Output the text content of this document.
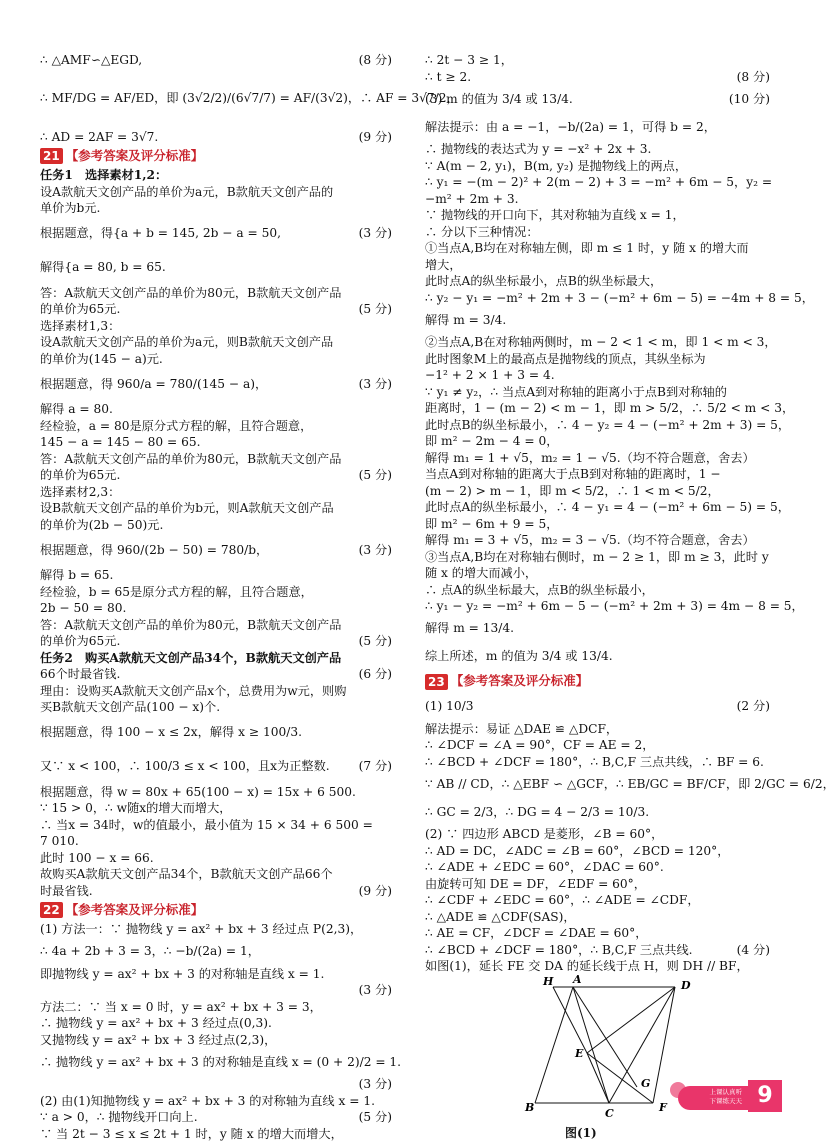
∴ △AMF∽△EGD,	(8 分)
∴ MF/DG = AF/ED，即 (3√2/2)/(6√7/7) = AF/(3√2)，∴ AF = 3√7/2，
∴ AD = 2AF = 3√7.	(9 分)
21 【参考答案及评分标准】
任务1　选择素材1,2：
设A款航天文创产品的单价为a元，B款航天文创产品的
单价为b元.
根据题意，得{a + b = 145, 2b − a = 50,	(3 分)
解得{a = 80, b = 65.
答：A款航天文创产品的单价为80元，B款航天文创产品
的单价为65元.	(5 分)
选择素材1,3：
设A款航天文创产品的单价为a元，则B款航天文创产品
的单价为(145 − a)元.
根据题意，得 960/a = 780/(145 − a)，	(3 分)
解得 a = 80.
经检验，a = 80是原分式方程的解，且符合题意，
145 − a = 145 − 80 = 65.
答：A款航天文创产品的单价为80元，B款航天文创产品
的单价为65元.	(5 分)
选择素材2,3：
设B款航天文创产品的单价为b元，则A款航天文创产品
的单价为(2b − 50)元.
根据题意，得 960/(2b − 50) = 780/b，	(3 分)
解得 b = 65.
经检验，b = 65是原分式方程的解，且符合题意，
2b − 50 = 80.
答：A款航天文创产品的单价为80元，B款航天文创产品
的单价为65元.	(5 分)
任务2　购买A款航天文创产品34个，B款航天文创产品
66个时最省钱.	(6 分)
理由：设购买A款航天文创产品x个，总费用为w元，则购
买B款航天文创产品(100 − x)个.
根据题意，得 100 − x ≤ 2x，解得 x ≥ 100/3.
又∵ x < 100，∴ 100/3 ≤ x < 100，且x为正整数.	(7 分)
根据题意，得 w = 80x + 65(100 − x) = 15x + 6 500.
∵ 15 > 0，∴ w随x的增大而增大，
∴ 当x = 34时，w的值最小，最小值为 15 × 34 + 6 500 =
7 010.
此时 100 − x = 66.
故购买A款航天文创产品34个，B款航天文创产品66个
时最省钱.	(9 分)
22 【参考答案及评分标准】
(1) 方法一：∵ 抛物线 y = ax² + bx + 3 经过点 P(2,3)，
∴ 4a + 2b + 3 = 3，∴ −b/(2a) = 1，
即抛物线 y = ax² + bx + 3 的对称轴是直线 x = 1.
(3 分)
方法二：∵ 当 x = 0 时，y = ax² + bx + 3 = 3，
∴ 抛物线 y = ax² + bx + 3 经过点(0,3).
又抛物线 y = ax² + bx + 3 经过点(2,3)，
∴ 抛物线 y = ax² + bx + 3 的对称轴是直线 x = (0 + 2)/2 = 1.
(3 分)
(2) 由(1)知抛物线 y = ax² + bx + 3 的对称轴为直线 x = 1.
∵ a > 0，∴ 抛物线开口向上.	(5 分)
∵ 当 2t − 3 ≤ x ≤ 2t + 1 时，y 随 x 的增大而增大，
∴ 2t − 3 ≥ 1，
∴ t ≥ 2.	(8 分)
(3) m 的值为 3/4 或 13/4.	(10 分)
解法提示：由 a = −1，−b/(2a) = 1，可得 b = 2，
∴ 抛物线的表达式为 y = −x² + 2x + 3.
∵ A(m − 2, y₁)，B(m, y₂) 是抛物线上的两点，
∴ y₁ = −(m − 2)² + 2(m − 2) + 3 = −m² + 6m − 5，y₂ =
−m² + 2m + 3.
∵ 抛物线的开口向下，其对称轴为直线 x = 1，
∴ 分以下三种情况：
①当点A,B均在对称轴左侧，即 m ≤ 1 时，y 随 x 的增大而
增大，
此时点A的纵坐标最小，点B的纵坐标最大，
∴ y₂ − y₁ = −m² + 2m + 3 − (−m² + 6m − 5) = −4m + 8 = 5，
解得 m = 3/4.
②当点A,B在对称轴两侧时，m − 2 < 1 < m，即 1 < m < 3，
此时图象M上的最高点是抛物线的顶点，其纵坐标为
−1² + 2 × 1 + 3 = 4.
∵ y₁ ≠ y₂，∴ 当点A到对称轴的距离小于点B到对称轴的
距离时，1 − (m − 2) < m − 1，即 m > 5/2，∴ 5/2 < m < 3，
此时点B的纵坐标最小，∴ 4 − y₂ = 4 − (−m² + 2m + 3) = 5，
即 m² − 2m − 4 = 0，
解得 m₁ = 1 + √5，m₂ = 1 − √5.（均不符合题意，舍去）
当点A到对称轴的距离大于点B到对称轴的距离时，1 −
(m − 2) > m − 1，即 m < 5/2，∴ 1 < m < 5/2，
此时点A的纵坐标最小，∴ 4 − y₁ = 4 − (−m² + 6m − 5) = 5，
即 m² − 6m + 9 = 5，
解得 m₁ = 3 + √5，m₂ = 3 − √5.（均不符合题意，舍去）
③当点A,B均在对称轴右侧时，m − 2 ≥ 1，即 m ≥ 3，此时 y
随 x 的增大而减小，
∴ 点A的纵坐标最大，点B的纵坐标最小，
∴ y₁ − y₂ = −m² + 6m − 5 − (−m² + 2m + 3) = 4m − 8 = 5，
解得 m = 13/4.
综上所述，m 的值为 3/4 或 13/4.
23 【参考答案及评分标准】
(1) 10/3	(2 分)
解法提示：易证 △DAE ≌ △DCF，
∴ ∠DCF = ∠A = 90°，CF = AE = 2，
∴ ∠BCD + ∠DCF = 180°，∴ B,C,F 三点共线，∴ BF = 6.
∵ AB // CD，∴ △EBF ∽ △GCF，∴ EB/GC = BF/CF，即 2/GC = 6/2，
∴ GC = 2/3，∴ DG = 4 − 2/3 = 10/3.
(2) ∵ 四边形 ABCD 是菱形，∠B = 60°，
∴ AD = DC，∠ADC = ∠B = 60°，∠BCD = 120°，
∴ ∠ADE + ∠EDC = 60°，∠DAC = 60°.
由旋转可知 DE = DF，∠EDF = 60°，
∴ ∠CDF + ∠EDC = 60°，∴ ∠ADE = ∠CDF，
∴ △ADE ≌ △CDF(SAS)，
∴ AE = CF，∠DCF = ∠DAE = 60°，
∴ ∠BCD + ∠DCF = 180°，∴ B,C,F 三点共线.	(4 分)
如图(1)，延长 FE 交 DA 的延长线于点 H，则 DH // BF，
H A	D
E
G
B	C	F
图(1)
上课认真听
下课练天天 9
